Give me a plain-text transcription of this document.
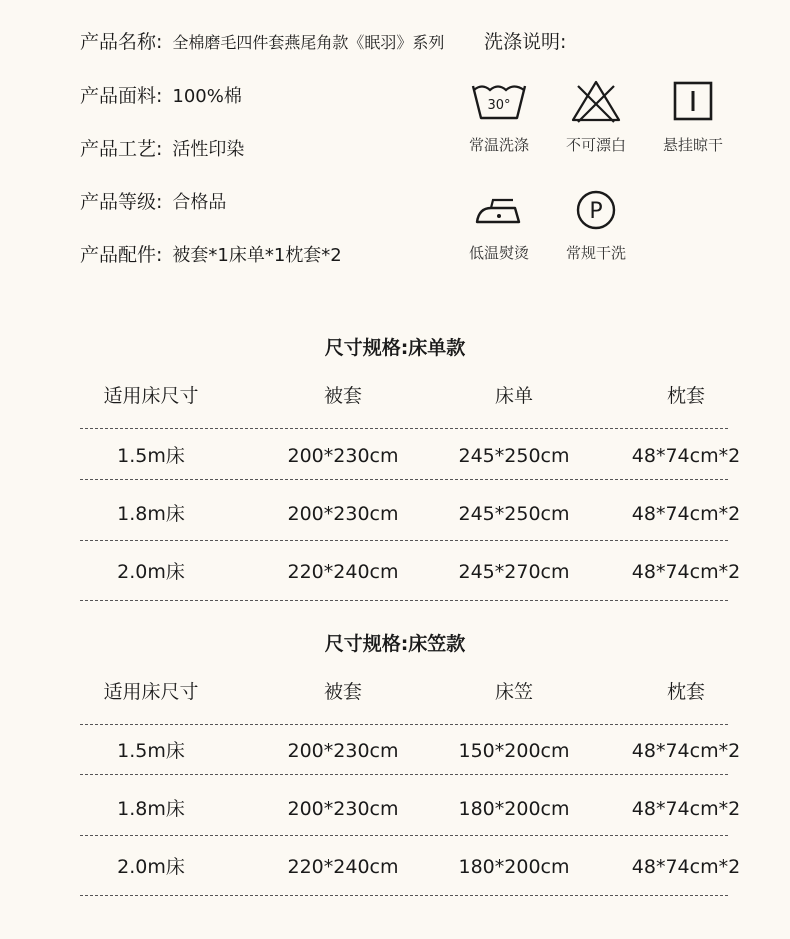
产品名称: 全棉磨毛四件套燕尾角款《眠羽》系列 洗涤说明:
产品面料: 100%棉
产品工艺: 活性印染
产品等级: 合格品
产品配件: 被套*1床单*1枕套*2
30°
常温洗涤	不可漂白	悬挂晾干
低温熨烫
P
常规干洗
尺寸规格:床单款
适用床尺寸	被套	床单	枕套
1.5m床	200*230cm	245*250cm	48*74cm*2
1.8m床	200*230cm	245*250cm	48*74cm*2
2.0m床	220*240cm	245*270cm	48*74cm*2
尺寸规格:床笠款
适用床尺寸	被套	床笠	枕套
1.5m床	200*230cm	150*200cm	48*74cm*2
1.8m床	200*230cm	180*200cm	48*74cm*2
2.0m床	220*240cm	180*200cm	48*74cm*2
